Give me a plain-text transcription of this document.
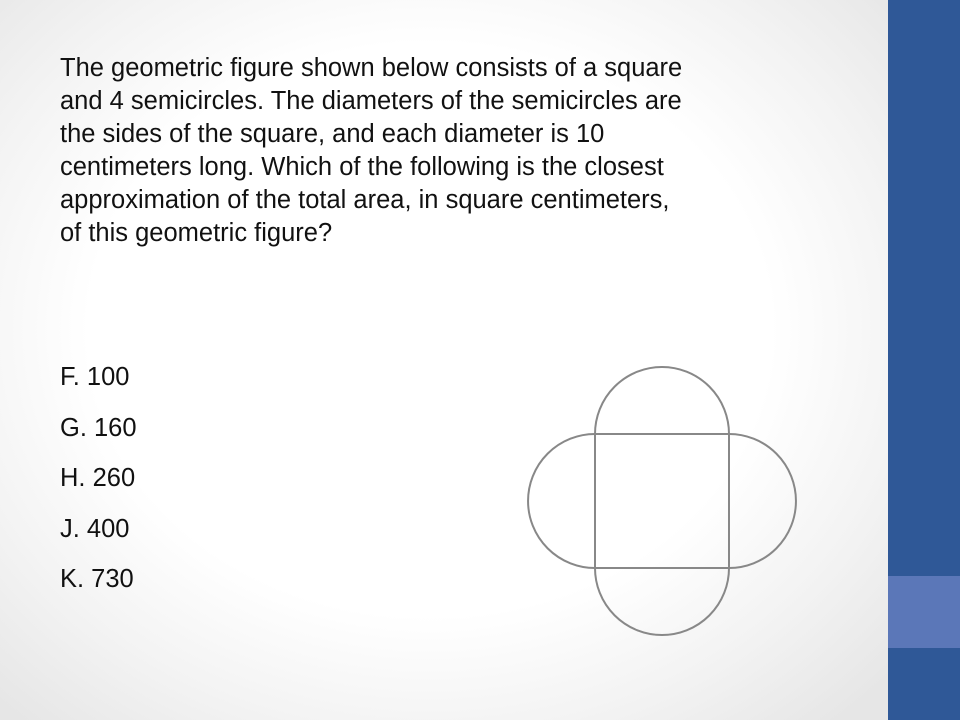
The geometric figure shown below consists of a square
and 4 semicircles. The diameters of the semicircles are
the sides of the square, and each diameter is 10
centimeters long. Which of the following is the closest
approximation of the total area, in square centimeters,
of this geometric figure?

F. 100
G. 160
H. 260
J. 400
K. 730
